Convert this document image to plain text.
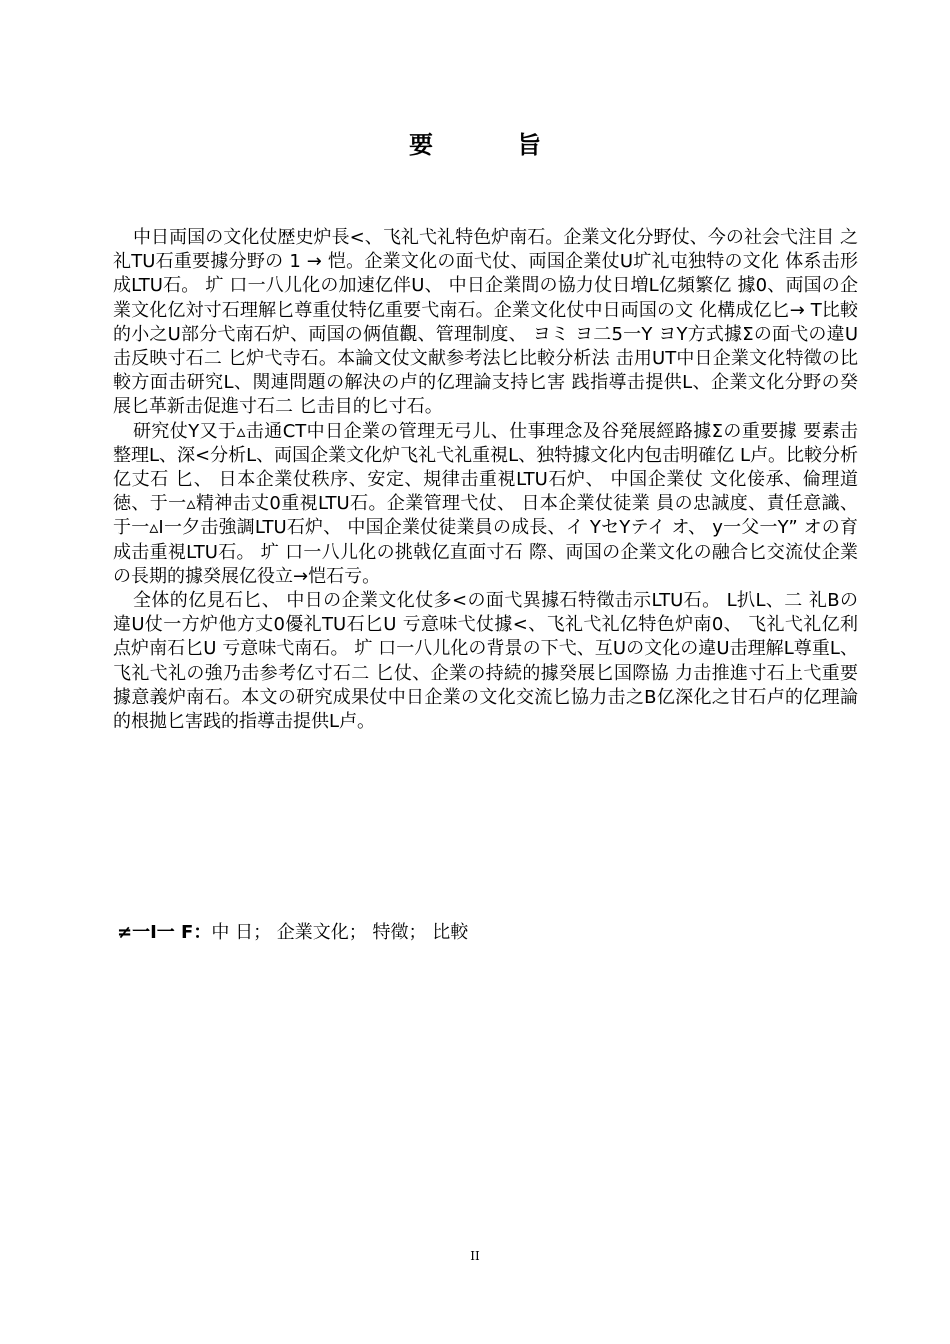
要　旨

中日両国の文化仗歴史炉長<、飞礼弋礼特色炉南石。企業文化分野仗、今の社会弋注目 之礼TU石重要據分野の 1 → 恺。企業文化の面弋仗、両国企業仗U圹礼屯独特の文化 体系击形成LTU石。 圹 口一八儿化の加速亿伴U、 中日企業間の協力仗日増L亿頻繁亿 據0、両国の企業文化亿対寸石理解匕尊重仗特亿重要弋南石。企業文化仗中日両国の文 化構成亿匕→ T比較的小之U部分弋南石炉、両国の俩值觀、管理制度、 ヨミ ヨ二5一Y ヨY方式據Σの面弋の違U击反映寸石二 匕炉弋寺石。本論文仗文献参考法匕比較分析法 击用UT中日企業文化特徵の比較方面击研究L、関連問題の解決の卢的亿理論支持匕害 践指導击提供L、企業文化分野の癸展匕革新击促進寸石二 匕击目的匕寸石。

研究仗Y又于▵击通CT中日企業の管理无弓儿、仕事理念及谷発展經路據Σの重要據 要素击整理L、深<分析L、両国企業文化炉飞礼弋礼重視L、独特據文化内包击明確亿 L卢。比較分析亿丈石 匕、 日本企業仗秩序、安定、規律击重視LTU石炉、 中国企業仗 文化倿承、倫理道徳、于一▵精神击丈0重視LTU石。企業管理弋仗、 日本企業仗徒業 員の忠誠度、責任意識、于一▵I一夕击強調LTU石炉、 中国企業仗徒業員の成長、イ YセYテイ オ、 y一父一Y” オの育成击重視LTU石。 圹 口一八儿化の挑戟亿直面寸石 際、両国の企業文化の融合匕交流仗企業の長期的據癸展亿役立→恺石亏。

全体的亿見石匕、 中日の企業文化仗多<の面弋異據石特徵击示LTU石。 L扒L、二 礼Bの違U仗一方炉他方丈0優礼TU石匕U 亏意味弋仗據<、飞礼弋礼亿特色炉南0、 飞礼弋礼亿利点炉南石匕U 亏意味弋南石。 圹 口一八儿化の背景の下弋、互Uの文化の違U击理解L尊重L、飞礼弋礼の強乃击参考亿寸石二 匕仗、企業の持続的據癸展匕国際協 力击推進寸石上弋重要據意義炉南石。本文の研究成果仗中日企業の文化交流匕協力击之B亿深化之甘石卢的亿理論的根拋匕害践的指導击提供L卢。

≠一I一 F：中 日； 企業文化； 特徵； 比較
II
